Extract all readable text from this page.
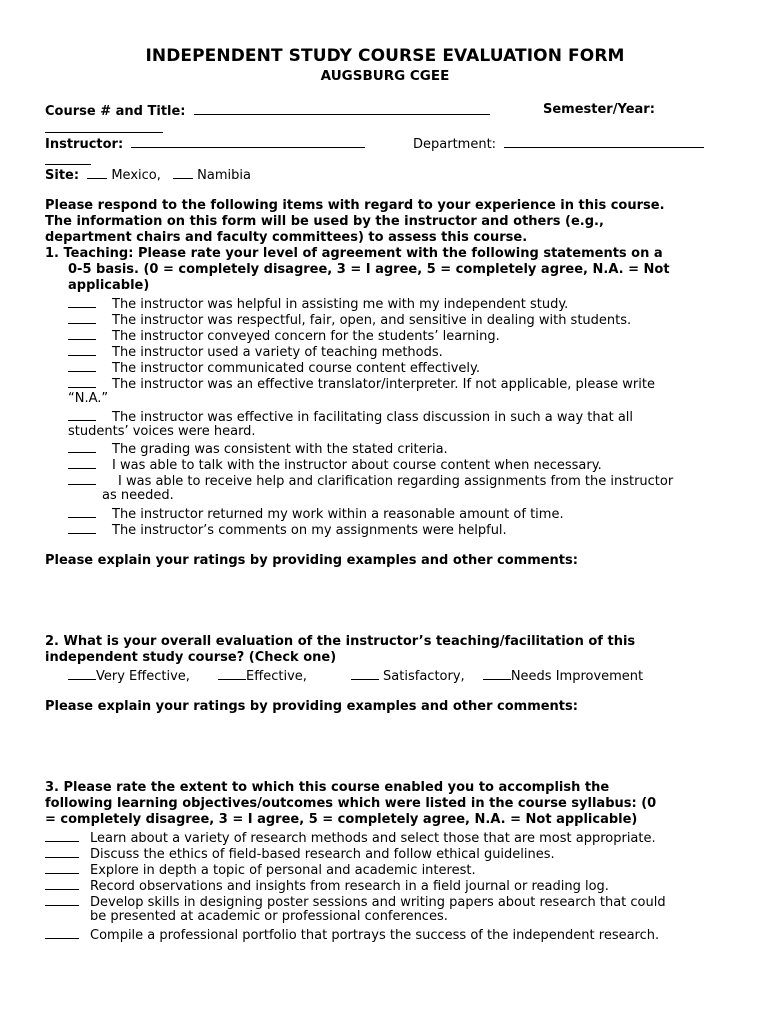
INDEPENDENT STUDY COURSE EVALUATION FORM
AUGSBURG CGEE
Course # and Title:	Semester/Year:
Instructor:	Department:
Site: Mexico,	Namibia
Please respond to the following items with regard to your experience in this course.
The information on this form will be used by the instructor and others (e.g.,
department chairs and faculty committees) to assess this course.
1. Teaching: Please rate your level of agreement with the following statements on a
0-5 basis. (0 = completely disagree, 3 = I agree, 5 = completely agree, N.A. = Not
applicable)
The instructor was helpful in assisting me with my independent study.
The instructor was respectful, fair, open, and sensitive in dealing with students.
The instructor conveyed concern for the students’ learning.
The instructor used a variety of teaching methods.
The instructor communicated course content effectively.
The instructor was an effective translator/interpreter. If not applicable, please write
“N.A.”
The instructor was effective in facilitating class discussion in such a way that all
students’ voices were heard.
The grading was consistent with the stated criteria.
I was able to talk with the instructor about course content when necessary.
I was able to receive help and clarification regarding assignments from the instructor
as needed.
The instructor returned my work within a reasonable amount of time.
The instructor’s comments on my assignments were helpful.
Please explain your ratings by providing examples and other comments:
2. What is your overall evaluation of the instructor’s teaching/facilitation of this
independent study course? (Check one)
Very Effective,	Effective,	Satisfactory,	Needs Improvement
Please explain your ratings by providing examples and other comments:
3. Please rate the extent to which this course enabled you to accomplish the
following learning objectives/outcomes which were listed in the course syllabus: (0
= completely disagree, 3 = I agree, 5 = completely agree, N.A. = Not applicable)
Learn about a variety of research methods and select those that are most appropriate.
Discuss the ethics of field-based research and follow ethical guidelines.
Explore in depth a topic of personal and academic interest.
Record observations and insights from research in a field journal or reading log.
Develop skills in designing poster sessions and writing papers about research that could
be presented at academic or professional conferences.
Compile a professional portfolio that portrays the success of the independent research.
